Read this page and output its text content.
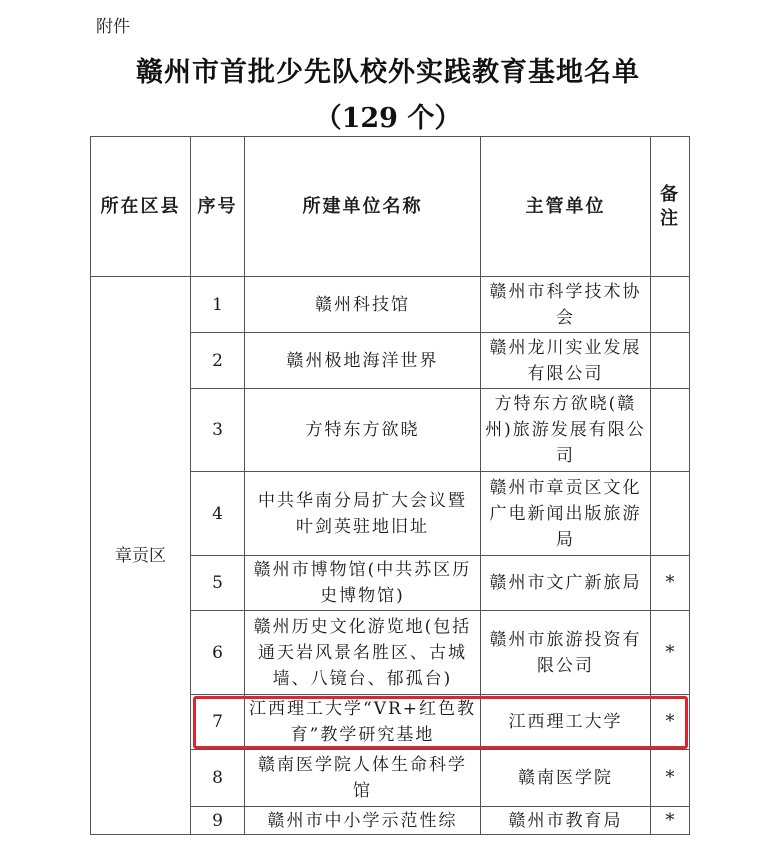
附件
赣州市首批少先队校外实践教育基地名单
（129 个）
所在区县	序号	所建单位名称	主管单位	备注
章贡区	1	赣州科技馆	赣州市科学技术协会	
	2	赣州极地海洋世界	赣州龙川实业发展有限公司	
	3	方特东方欲晓	方特东方欲晓(赣州)旅游发展有限公司	
	4	中共华南分局扩大会议暨叶剑英驻地旧址	赣州市章贡区文化广电新闻出版旅游局	
	5	赣州市博物馆(中共苏区历史博物馆)	赣州市文广新旅局	*
	6	赣州历史文化游览地(包括通天岩风景名胜区、古城墙、八镜台、郁孤台)	赣州市旅游投资有限公司	*
	7	江西理工大学“VR+红色教育”教学研究基地	江西理工大学	*
	8	赣南医学院人体生命科学馆	赣南医学院	*
	9	赣州市中小学示范性综	赣州市教育局	*
